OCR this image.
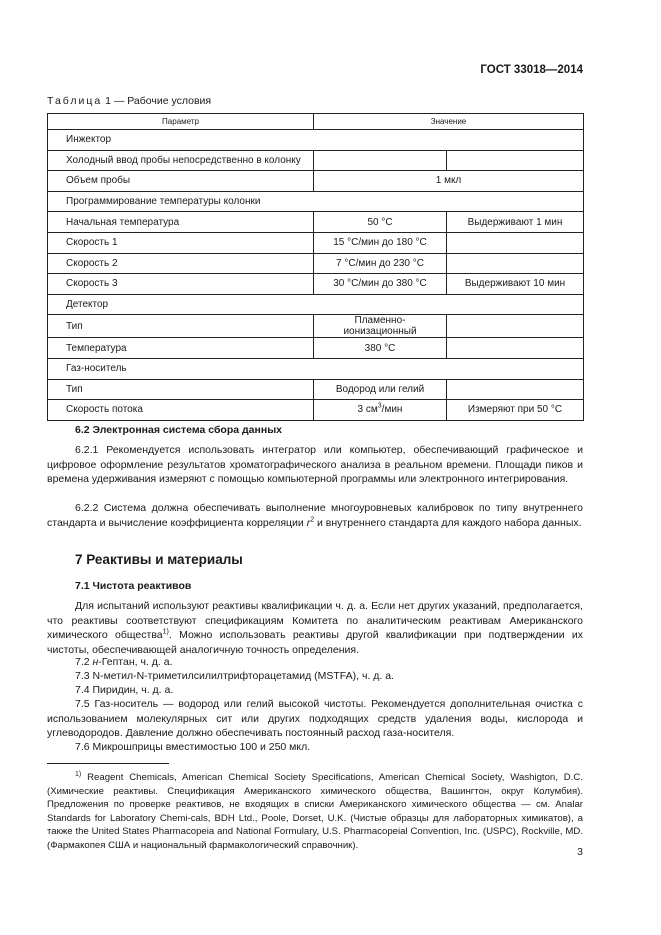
ГОСТ 33018—2014
Таблица 1 — Рабочие условия
Параметр	Значение	
Инжектор		
Холодный ввод пробы непосредственно в колонку		
Объем пробы	1 мкл	
Программирование температуры колонки		
Начальная температура	50 °C	Выдерживают 1 мин
Скорость 1	15 °C/мин до 180 °C	
Скорость 2	7 °C/мин до 230 °C	
Скорость 3	30 °C/мин до 380 °C	Выдерживают 10 мин
Детектор		
Тип	Пламенно-ионизационный	
Температура	380 °C	
Газ-носитель		
Тип	Водород или гелий	
Скорость потока	3 $см^3$/мин	Измеряют при 50 °C
6.2 Электронная система сбора данных
6.2.1 Рекомендуется использовать интегратор или компьютер, обеспечивающий графическое и цифровое оформление результатов хроматографического анализа в реальном времени. Площади пиков и времена удерживания измеряют с помощью компьютерной программы или электронного интегрирования.
6.2.2 Система должна обеспечивать выполнение многоуровневых калибровок по типу внутреннего стандарта и вычисление коэффициента корреляции $r^2$ и внутреннего стандарта для каждого набора данных.
7 Реактивы и материалы
7.1 Чистота реактивов
Для испытаний используют реактивы квалификации ч. д. а. Если нет других указаний, предполагается, что реактивы соответствуют спецификациям Комитета по аналитическим реактивам Американского химического общества$^{1)}$. Можно использовать реактивы другой квалификации при подтверждении их чистоты, обеспечивающей аналогичную точность определения.
7.2 н-Гептан, ч. д. а.
7.3 N-метил-N-триметилсилилтрифторацетамид (MSTFA), ч. д. а.
7.4 Пиридин, ч. д. а.
7.5 Газ-носитель — водород или гелий высокой чистоты. Рекомендуется дополнительная очистка с использованием молекулярных сит или других подходящих средств удаления воды, кислорода и углеводородов. Давление должно обеспечивать постоянный расход газа-носителя.
7.6 Микрошприцы вместимостью 100 и 250 мкл.
$^{1)}$ Reagent Chemicals, American Chemical Society Specifications, American Chemical Society, Washigton, D.C. (Химические реактивы. Спецификация Американского химического общества, Вашингтон, округ Колумбия). Предложения по проверке реактивов, не входящих в списки Американского химического общества — см. Analar Standards for Laboratory Chemi-cals, BDH Ltd., Poole, Dorset, U.K. (Чистые образцы для лабораторных химикатов), а также the United States Pharmacopeia and National Formulary, U.S. Pharmacopeial Convention, Inc. (USPC), Rockville, MD. (Фармакопея США и национальный фармакологический справочник).
3
